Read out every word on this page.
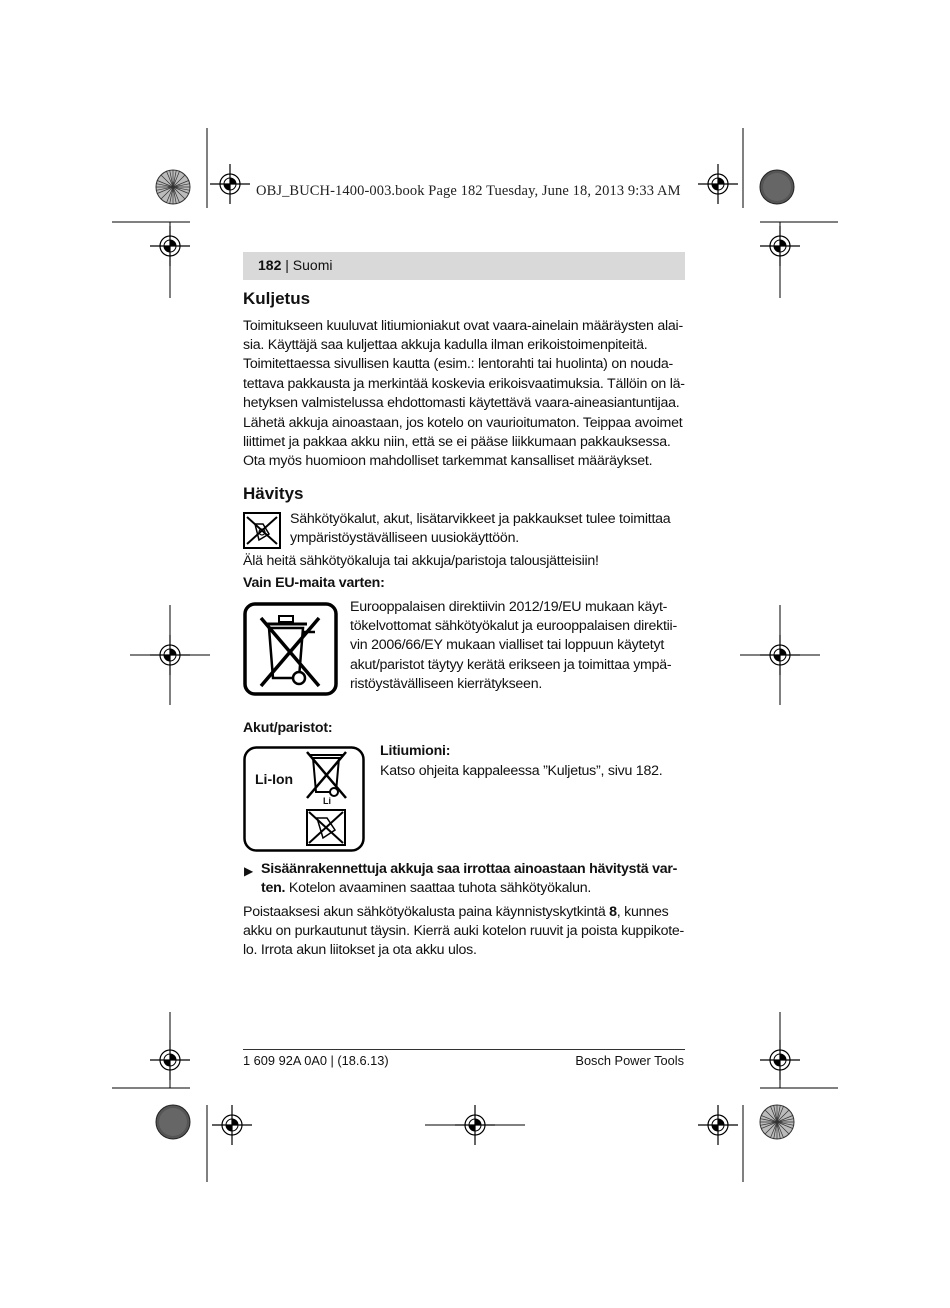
OBJ_BUCH-1400-003.book Page 182 Tuesday, June 18, 2013 9:33 AM
182 | Suomi
Kuljetus

Toimitukseen kuuluvat litiumioniakut ovat vaara-ainelain määräysten alai-
sia. Käyttäjä saa kuljettaa akkuja kadulla ilman erikoistoimenpiteitä.
Toimitettaessa sivullisen kautta (esim.: lentorahti tai huolinta) on nouda-
tettava pakkausta ja merkintää koskevia erikoisvaatimuksia. Tällöin on lä-
hetyksen valmistelussa ehdottomasti käytettävä vaara-aineasiantuntijaa.

Lähetä akkuja ainoastaan, jos kotelo on vaurioitumaton. Teippaa avoimet
liittimet ja pakkaa akku niin, että se ei pääse liikkumaan pakkauksessa.
Ota myös huomioon mahdolliset tarkemmat kansalliset määräykset.

Hävitys

Sähkötyökalut, akut, lisätarvikkeet ja pakkaukset tulee toimittaa
ympäristöystävälliseen uusiokäyttöön.

Älä heitä sähkötyökaluja tai akkuja/paristoja talousjätteisiin!

Vain EU-maita varten:

Eurooppalaisen direktiivin 2012/19/EU mukaan käyt-
tökelvottomat sähkötyökalut ja eurooppalaisen direktii-
vin 2006/66/EY mukaan vialliset tai loppuun käytetyt
akut/paristot täytyy kerätä erikseen ja toimittaa ympä-
ristöystävälliseen kierrätykseen.

Akut/paristot:

Li-Ion
Li

Litiumioni:

Katso ohjeita kappaleessa ”Kuljetus”, sivu 182.

▶ Sisäänrakennettuja akkuja saa irrottaa ainoastaan hävitystä var-
ten. Kotelon avaaminen saattaa tuhota sähkötyökalun.

Poistaaksesi akun sähkötyökalusta paina käynnistyskytkintä 8, kunnes
akku on purkautunut täysin. Kierrä auki kotelon ruuvit ja poista kuppikote-
lo. Irrota akun liitokset ja ota akku ulos.

1 609 92A 0A0 | (18.6.13)	Bosch Power Tools
